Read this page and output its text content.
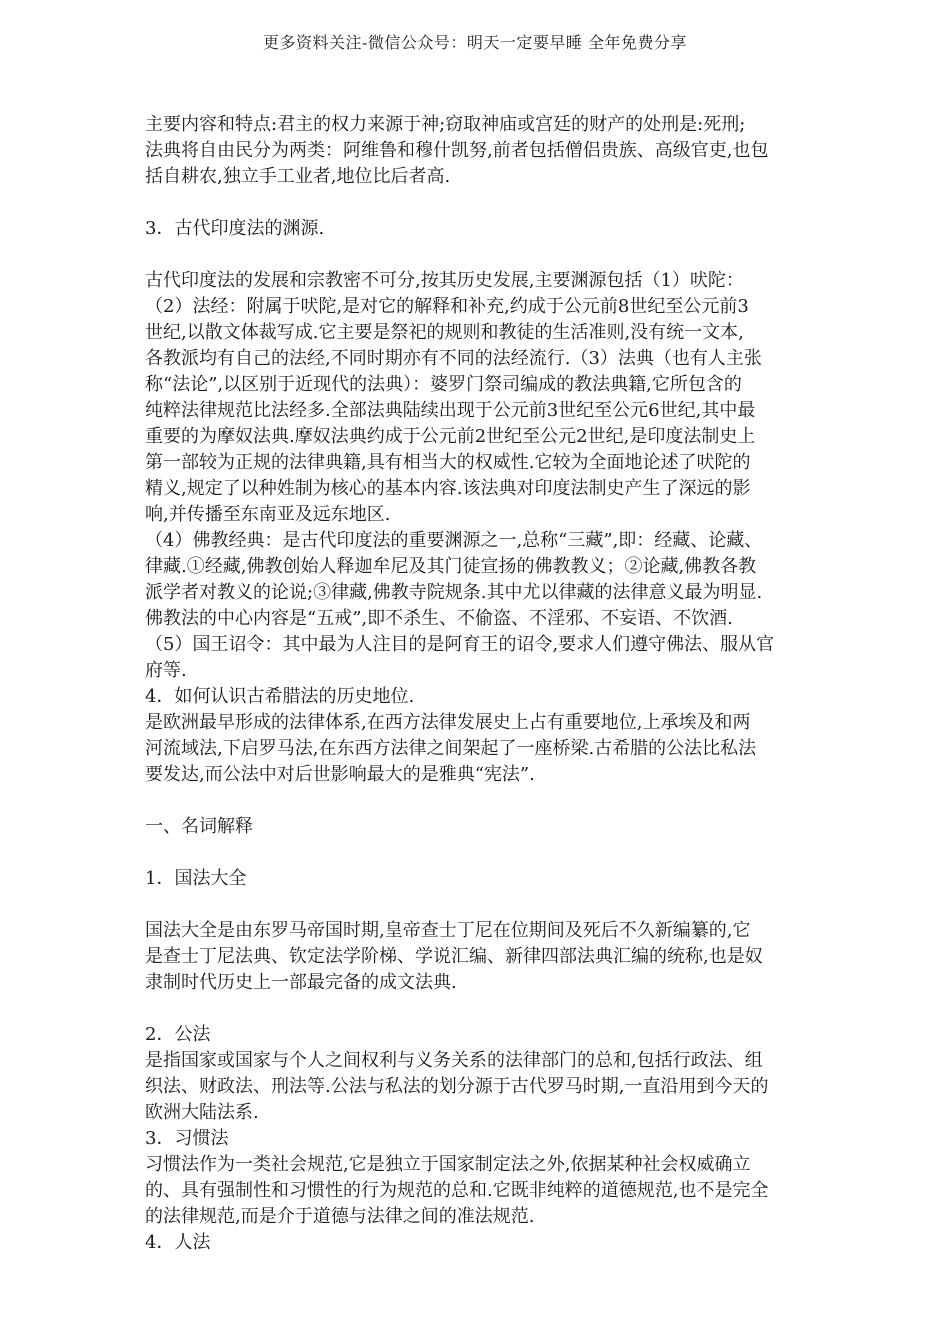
更多资料关注-微信公众号：明天一定要早睡 全年免费分享
主要内容和特点:君主的权力来源于神;窃取神庙或宫廷的财产的处刑是:死刑;
法典将自由民分为两类：阿维鲁和穆什凯努,前者包括僧侣贵族、高级官吏,也包
括自耕农,独立手工业者,地位比后者高.
3．古代印度法的渊源.
古代印度法的发展和宗教密不可分,按其历史发展,主要渊源包括（1）吠陀：
（2）法经：附属于吠陀,是对它的解释和补充,约成于公元前8世纪至公元前3
世纪,以散文体裁写成.它主要是祭祀的规则和教徒的生活准则,没有统一文本,
各教派均有自己的法经,不同时期亦有不同的法经流行.（3）法典（也有人主张
称“法论”,以区别于近现代的法典）：婆罗门祭司编成的教法典籍,它所包含的
纯粹法律规范比法经多.全部法典陆续出现于公元前3世纪至公元6世纪,其中最
重要的为摩奴法典.摩奴法典约成于公元前2世纪至公元2世纪,是印度法制史上
第一部较为正规的法律典籍,具有相当大的权威性.它较为全面地论述了吠陀的
精义,规定了以种姓制为核心的基本内容.该法典对印度法制史产生了深远的影
响,并传播至东南亚及远东地区.
（4）佛教经典：是古代印度法的重要渊源之一,总称“三藏”,即：经藏、论藏、
律藏.①经藏,佛教创始人释迦牟尼及其门徒宣扬的佛教教义；②论藏,佛教各教
派学者对教义的论说;③律藏,佛教寺院规条.其中尤以律藏的法律意义最为明显.
佛教法的中心内容是“五戒”,即不杀生、不偷盗、不淫邪、不妄语、不饮酒.
（5）国王诏令：其中最为人注目的是阿育王的诏令,要求人们遵守佛法、服从官
府等.
4．如何认识古希腊法的历史地位.
是欧洲最早形成的法律体系,在西方法律发展史上占有重要地位,上承埃及和两
河流域法,下启罗马法,在东西方法律之间架起了一座桥梁.古希腊的公法比私法
要发达,而公法中对后世影响最大的是雅典“宪法”.
一、名词解释
1．国法大全
国法大全是由东罗马帝国时期,皇帝查士丁尼在位期间及死后不久新编纂的,它
是查士丁尼法典、钦定法学阶梯、学说汇编、新律四部法典汇编的统称,也是奴
隶制时代历史上一部最完备的成文法典.
2．公法
是指国家或国家与个人之间权利与义务关系的法律部门的总和,包括行政法、组
织法、财政法、刑法等.公法与私法的划分源于古代罗马时期,一直沿用到今天的
欧洲大陆法系.
3．习惯法
习惯法作为一类社会规范,它是独立于国家制定法之外,依据某种社会权威确立
的、具有强制性和习惯性的行为规范的总和.它既非纯粹的道德规范,也不是完全
的法律规范,而是介于道德与法律之间的准法规范.
4．人法
